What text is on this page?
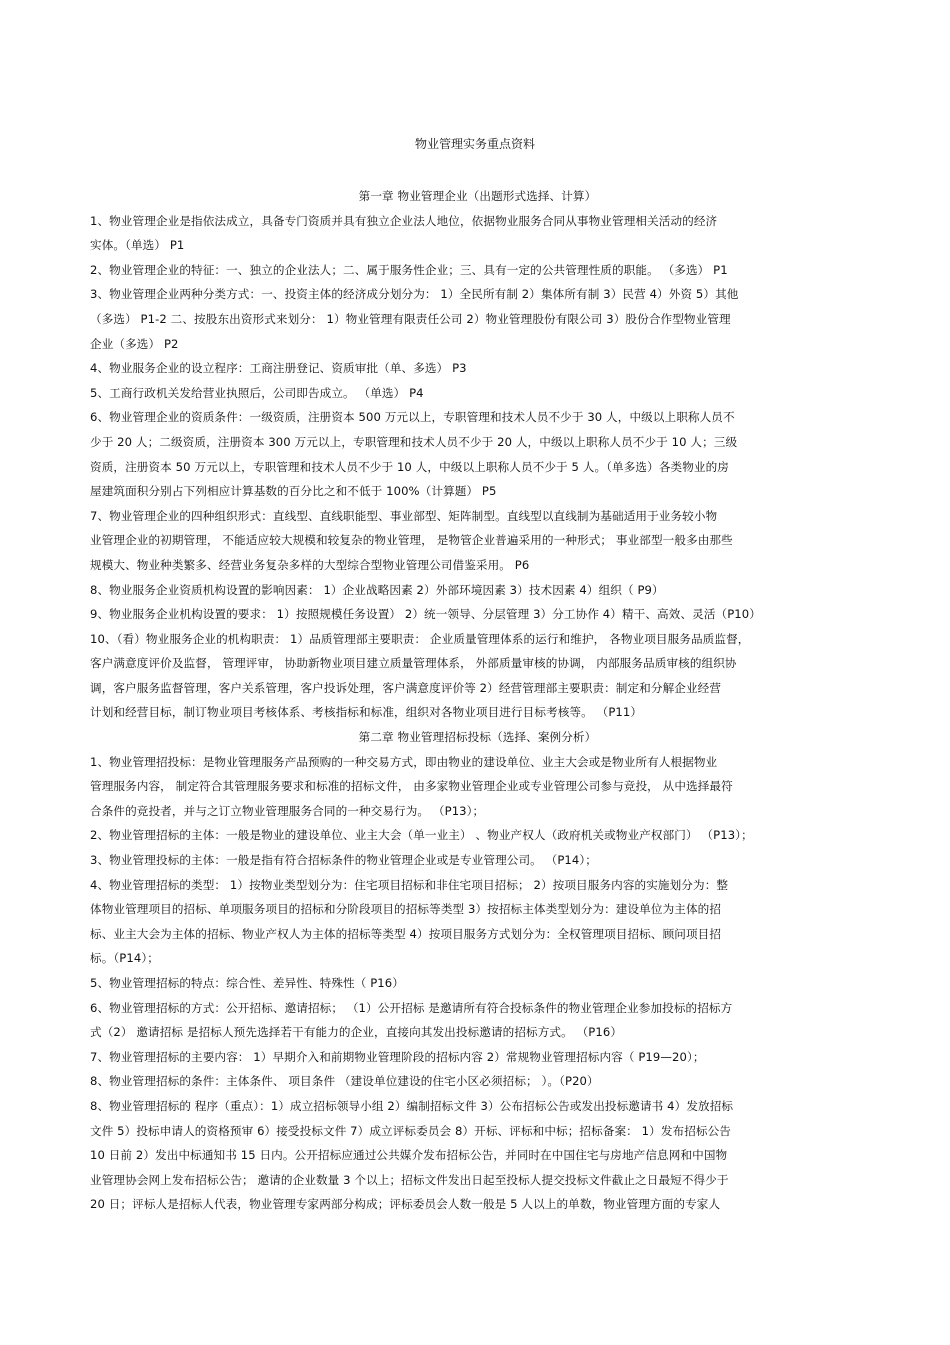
物业管理实务重点资料
第一章 物业管理企业（出题形式选择、计算）
1、物业管理企业是指依法成立，具备专门资质并具有独立企业法人地位，依据物业服务合同从事物业管理相关活动的经济
实体。（单选） P1
2、物业管理企业的特征：一、独立的企业法人；二、属于服务性企业；三、具有一定的公共管理性质的职能。 （多选） P1
3、物业管理企业两种分类方式：一、投资主体的经济成分划分为： 1）全民所有制 2）集体所有制 3）民营 4）外资 5）其他
（多选） P1-2 二、按股东出资形式来划分： 1）物业管理有限责任公司 2）物业管理股份有限公司 3）股份合作型物业管理
企业（多选） P2
4、物业服务企业的设立程序：工商注册登记、资质审批（单、多选） P3
5、工商行政机关发给营业执照后，公司即告成立。 （单选） P4
6、物业管理企业的资质条件：一级资质，注册资本 500 万元以上，专职管理和技术人员不少于 30 人，中级以上职称人员不
少于 20 人；二级资质，注册资本 300 万元以上，专职管理和技术人员不少于 20 人，中级以上职称人员不少于 10 人；三级
资质，注册资本 50 万元以上，专职管理和技术人员不少于 10 人，中级以上职称人员不少于 5 人。（单多选）各类物业的房
屋建筑面积分别占下列相应计算基数的百分比之和不低于 100%（计算题） P5
7、物业管理企业的四种组织形式：直线型、直线职能型、事业部型、矩阵制型。直线型以直线制为基础适用于业务较小物
业管理企业的初期管理， 不能适应较大规模和较复杂的物业管理， 是物管企业普遍采用的一种形式； 事业部型一般多由那些
规模大、物业种类繁多、经营业务复杂多样的大型综合型物业管理公司借鉴采用。 P6
8、物业服务企业资质机构设置的影响因素： 1）企业战略因素 2）外部环境因素 3）技术因素 4）组织（ P9）
9、物业服务企业机构设置的要求： 1）按照规模任务设置） 2）统一领导、分层管理 3）分工协作 4）精干、高效、灵活（P10）
10、（看）物业服务企业的机构职责： 1）品质管理部主要职责： 企业质量管理体系的运行和维护， 各物业项目服务品质监督，
客户满意度评价及监督， 管理评审， 协助新物业项目建立质量管理体系， 外部质量审核的协调， 内部服务品质审核的组织协
调，客户服务监督管理，客户关系管理，客户投诉处理，客户满意度评价等 2）经营管理部主要职责：制定和分解企业经营
计划和经营目标，制订物业项目考核体系、考核指标和标准，组织对各物业项目进行目标考核等。 （P11）
第二章 物业管理招标投标（选择、案例分析）
1、物业管理招投标：是物业管理服务产品预购的一种交易方式，即由物业的建设单位、业主大会或是物业所有人根据物业
管理服务内容， 制定符合其管理服务要求和标准的招标文件， 由多家物业管理企业或专业管理公司参与竞投， 从中选择最符
合条件的竞投者，并与之订立物业管理服务合同的一种交易行为。 （P13）；
2、物业管理招标的主体：一般是物业的建设单位、业主大会（单一业主） 、物业产权人（政府机关或物业产权部门） （P13）；
3、物业管理投标的主体：一般是指有符合招标条件的物业管理企业或是专业管理公司。 （P14）；
4、物业管理招标的类型： 1）按物业类型划分为：住宅项目招标和非住宅项目招标； 2）按项目服务内容的实施划分为：整
体物业管理项目的招标、单项服务项目的招标和分阶段项目的招标等类型 3）按招标主体类型划分为：建设单位为主体的招
标、业主大会为主体的招标、物业产权人为主体的招标等类型 4）按项目服务方式划分为：全权管理项目招标、顾问项目招
标。（P14）；
5、物业管理招标的特点：综合性、差异性、特殊性（ P16）
6、物业管理招标的方式：公开招标、邀请招标； （1）公开招标 是邀请所有符合投标条件的物业管理企业参加投标的招标方
式（2） 邀请招标 是招标人预先选择若干有能力的企业，直接向其发出投标邀请的招标方式。 （P16）
7、物业管理招标的主要内容： 1）早期介入和前期物业管理阶段的招标内容 2）常规物业管理招标内容（ P19—20）；
8、物业管理招标的条件：主体条件、 项目条件 （建设单位建设的住宅小区必须招标； ）。（P20）
8、物业管理招标的 程序（重点）：1）成立招标领导小组 2）编制招标文件 3）公布招标公告或发出投标邀请书 4）发放招标
文件 5）投标申请人的资格预审 6）接受投标文件 7）成立评标委员会 8）开标、评标和中标；招标备案： 1）发布招标公告
10 日前 2）发出中标通知书 15 日内。公开招标应通过公共媒介发布招标公告，并同时在中国住宅与房地产信息网和中国物
业管理协会网上发布招标公告； 邀请的企业数量 3 个以上；招标文件发出日起至投标人提交投标文件截止之日最短不得少于
20 日；评标人是招标人代表，物业管理专家两部分构成；评标委员会人数一般是 5 人以上的单数，物业管理方面的专家人
